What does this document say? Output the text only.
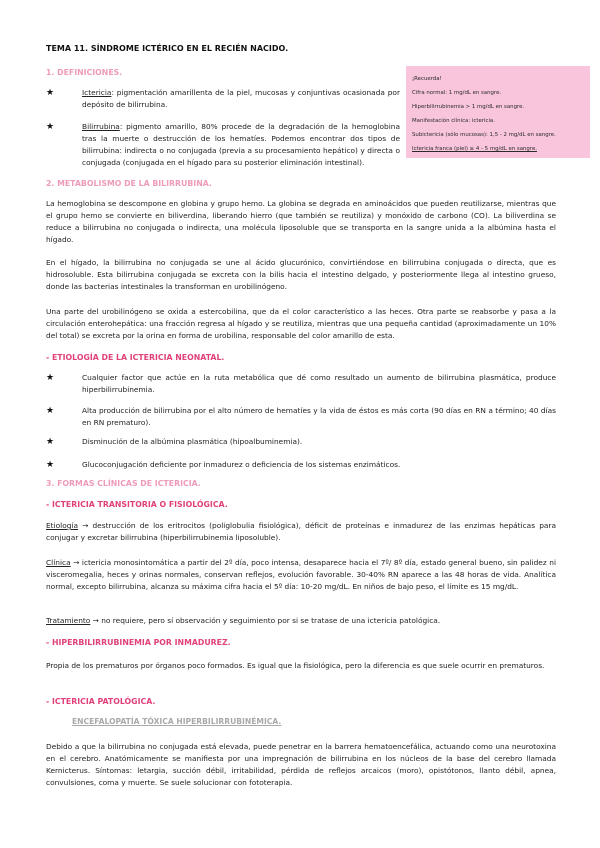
TEMA 11. SÍNDROME ICTÉRICO EN EL RECIÉN NACIDO.

¡Recuerda!
Cifra normal: 1 mg/dL en sangre.
Hiperbilirrubinemia > 1 mg/dL en sangre.
Manifestación clínica: ictericia.
Subictericia (sólo mucosas): 1,5 - 2 mg/dL en sangre.
Ictericia franca (piel) ≥ 4 - 5 mg/dL en sangre.

1. DEFINICIONES.

★	Ictericia: pigmentación amarillenta de la piel, mucosas y conjuntivas ocasionada por depósito de bilirrubina.

★	Bilirrubina: pigmento amarillo, 80% procede de la degradación de la hemoglobina tras la muerte o destrucción de los hematíes. Podemos encontrar dos tipos de bilirrubina: indirecta o no conjugada (previa a su procesamiento hepático) y directa o conjugada (conjugada en el hígado para su posterior eliminación intestinal).

2. METABOLISMO DE LA BILIRRUBINA.

La hemoglobina se descompone en globina y grupo hemo. La globina se degrada en aminoácidos que pueden reutilizarse, mientras que el grupo hemo se convierte en biliverdina, liberando hierro (que también se reutiliza) y monóxido de carbono (CO). La biliverdina se reduce a bilirrubina no conjugada o indirecta, una molécula liposoluble que se transporta en la sangre unida a la albúmina hasta el hígado.

En el hígado, la bilirrubina no conjugada se une al ácido glucurónico, convirtiéndose en bilirrubina conjugada o directa, que es hidrosoluble. Esta bilirrubina conjugada se excreta con la bilis hacia el intestino delgado, y posteriormente llega al intestino grueso, donde las bacterias intestinales la transforman en urobilinógeno.

Una parte del urobilinógeno se oxida a estercobilina, que da el color característico a las heces. Otra parte se reabsorbe y pasa a la circulación enterohepática: una fracción regresa al hígado y se reutiliza, mientras que una pequeña cantidad (aproximadamente un 10% del total) se excreta por la orina en forma de urobilina, responsable del color amarillo de esta.

- ETIOLOGÍA DE LA ICTERICIA NEONATAL.

★	Cualquier factor que actúe en la ruta metabólica que dé como resultado un aumento de bilirrubina plasmática, produce hiperbilirrubinemia.

★	Alta producción de bilirrubina por el alto número de hematíes y la vida de éstos es más corta (90 días en RN a término; 40 días en RN prematuro).

★	Disminución de la albúmina plasmática (hipoalbuminemia).

★	Glucoconjugación deficiente por inmadurez o deficiencia de los sistemas enzimáticos.

3. FORMAS CLÍNICAS DE ICTERICIA.

- ICTERICIA TRANSITORIA O FISIOLÓGICA.

Etiología → destrucción de los eritrocitos (poliglobulia fisiológica), déficit de proteínas e inmadurez de las enzimas hepáticas para conjugar y excretar bilirrubina (hiperbilirrubinemia liposoluble).

Clínica → ictericia monosintomática a partir del 2º día, poco intensa, desaparece hacia el 7º/ 8º día, estado general bueno, sin palidez ni visceromegalia, heces y orinas normales, conservan reflejos, evolución favorable. 30-40% RN aparece a las 48 horas de vida. Analítica normal, excepto bilirrubina, alcanza su máxima cifra hacia el 5º día: 10-20 mg/dL. En niños de bajo peso, el límite es 15 mg/dL.

Tratamiento → no requiere, pero sí observación y seguimiento por si se tratase de una ictericia patológica.

- HIPERBILIRRUBINEMIA POR INMADUREZ.

Propia de los prematuros por órganos poco formados. Es igual que la fisiológica, pero la diferencia es que suele ocurrir en prematuros.

- ICTERICIA PATOLÓGICA.

ENCEFALOPATÍA TÓXICA HIPERBILIRRUBINÉMICA.

Debido a que la bilirrubina no conjugada está elevada, puede penetrar en la barrera hematoencefálica, actuando como una neurotoxina en el cerebro. Anatómicamente se manifiesta por una impregnación de bilirrubina en los núcleos de la base del cerebro llamada Kernicterus. Síntomas: letargia, succión débil, irritabilidad, pérdida de reflejos arcaicos (moro), opistótonos, llanto débil, apnea, convulsiones, coma y muerte. Se suele solucionar con fototerapia.
